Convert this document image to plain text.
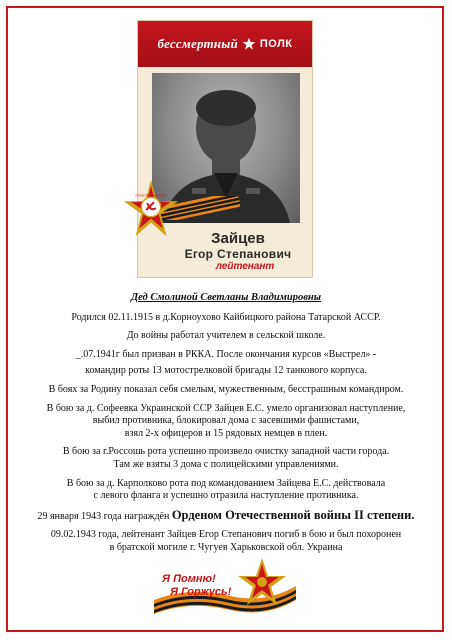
бессмертный ПОЛК
Зайцев
Егор Степанович
лейтенант
ОТЕЧЕСТВЕННАЯ ВОЙНА
Дед Смолиной Светланы Владимировны
Родился 02.11.1915 в д.Корноухово Кайбицкого района Татарской АССР.
До войны работал учителем в сельской школе.
_.07.1941г был призван в РККА. После окончания курсов «Выстрел» -
командир роты 13 мотострелковой бригады 12 танкового корпуса.
В боях за Родину показал себя смелым, мужественным, бесстрашным командиром.
В бою за д. Софеевка Украинской ССР Зайцев Е.С. умело организовал наступление,
выбил противника, блокировал дома с засевшими фашистами,
взял 2-х офицеров и 15 рядовых немцев в плен.
В бою за г.Россошь рота успешно произвело очистку западной части города.
Там же взяты 3 дома с полицейскими управлениями.
В бою за д. Карполково рота под командованием Зайцева Е.С. действовала
с левого фланга и успешно отразила наступление противника.
29 января 1943 года награждён Орденом Отечественной войны II степени.
09.02.1943 года, лейтенант Зайцев Егор Степанович погиб в бою и был похоронен
в братской могиле г. Чугуев Харьковской обл. Украина
Я Помню!
Я Горжусь!
